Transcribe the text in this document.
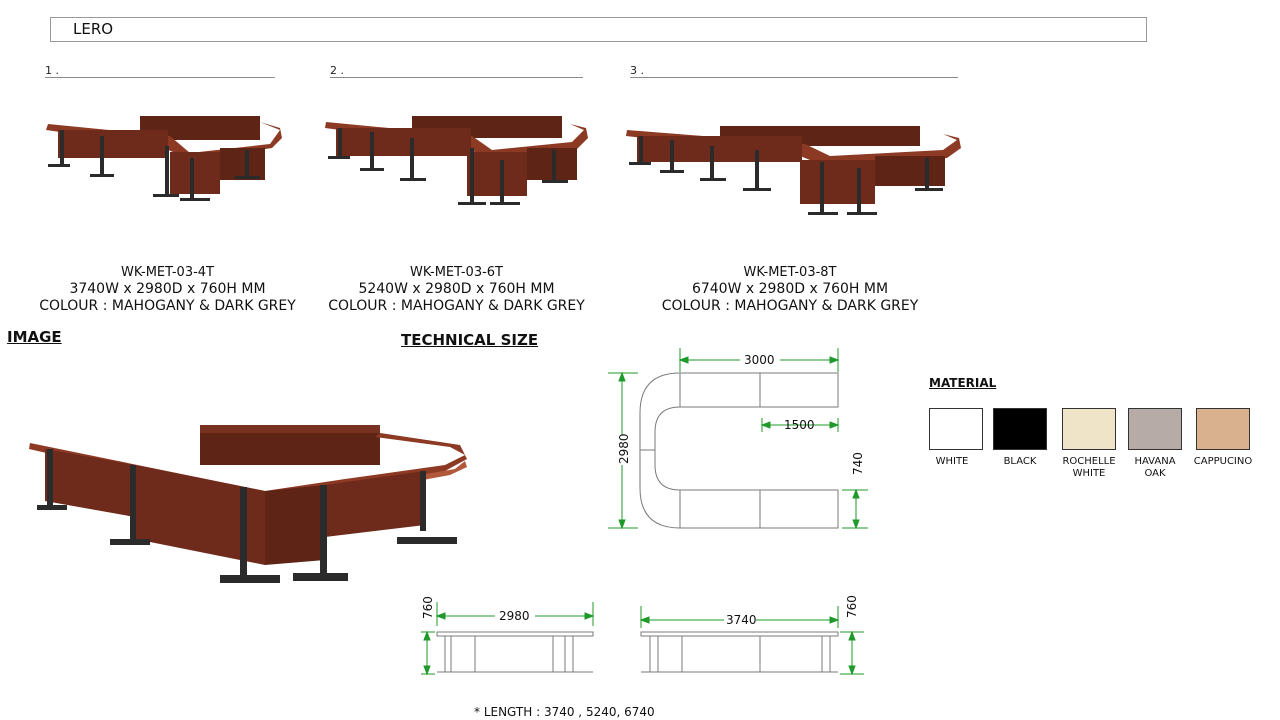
LERO
1 .	2 .	3 .
WK-MET-03-4T
3740W x 2980D x 760H MM
COLOUR : MAHOGANY & DARK GREY
WK-MET-03-6T
5240W x 2980D x 760H MM
COLOUR : MAHOGANY & DARK GREY
WK-MET-03-8T
6740W x 2980D x 760H MM
COLOUR : MAHOGANY & DARK GREY
IMAGE	TECHNICAL SIZE
3000
1500
2980	740
2980
760
3740
760
MATERIAL
WHITE	BLACK	ROCHELLE
WHITE
HAVANA
OAK
CAPPUCINO
* LENGTH : 3740 , 5240, 6740
